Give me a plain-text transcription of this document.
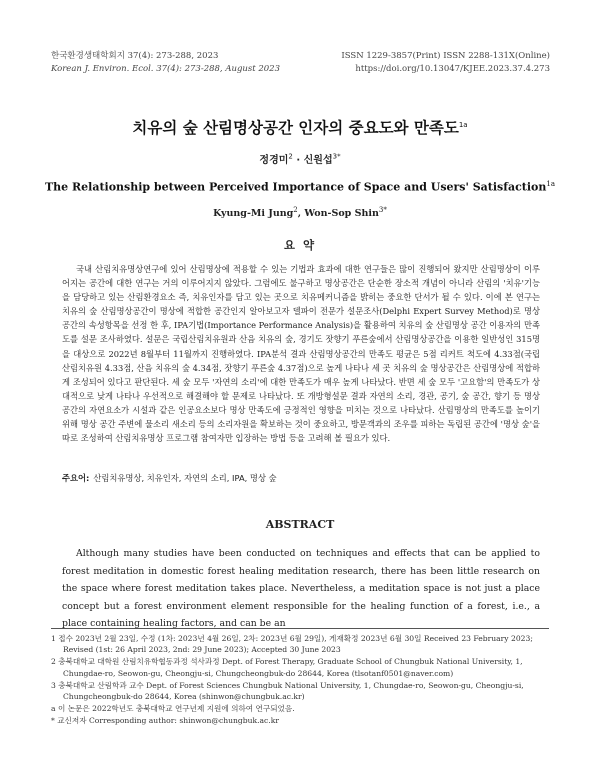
한국환경생태학회지 37(4): 273-288, 2023
Korean J. Environ. Ecol. 37(4): 273-288, August 2023
ISSN 1229-3857(Print) ISSN 2288-131X(Online)
https://doi.org/10.13047/KJEE.2023.37.4.273
치유의 숲 산림명상공간 인자의 중요도와 만족도$^{1a}$
정경미$^2$ · 신원섭$^{3*}$
The Relationship between Perceived Importance of Space and Users' Satisfaction$^{1a}$
Kyung-Mi Jung$^2$, Won-Sop Shin$^{3*}$
요 약
국내 산림치유명상연구에 있어 산림명상에 적용할 수 있는 기법과 효과에 대한 연구들은 많이 진행되어 왔지만 산림명상이 이루어지는 공간에 대한 연구는 거의 이루어지지 않았다. 그럼에도 불구하고 명상공간은 단순한 장소적 개념이 아니라 산림의 '치유'기능을 담당하고 있는 산림환경요소 즉, 치유인자를 담고 있는 곳으로 치유메커니즘을 밝히는 중요한 단서가 될 수 있다. 이에 본 연구는 치유의 숲 산림명상공간이 명상에 적합한 공간인지 알아보고자 델파이 전문가 설문조사(Delphi Expert Survey Method)로 명상공간의 속성항목을 선정 한 후, IPA기법(Importance Performance Analysis)을 활용하여 치유의 숲 산림명상 공간 이용자의 만족도를 설문 조사하였다. 설문은 국립산림치유원과 산음 치유의 숲, 경기도 잣향기 푸른숲에서 산림명상공간을 이용한 일반성인 315명을 대상으로 2022년 8월부터 11월까지 진행하였다. IPA분석 결과 산림명상공간의 만족도 평균은 5점 리커트 척도에 4.33점(국립산림치유원 4.33점, 산음 치유의 숲 4.34점, 잣향기 푸른숲 4.37점)으로 높게 나타나 세 곳 치유의 숲 명상공간은 산림명상에 적합하게 조성되어 있다고 판단된다. 세 숲 모두 '자연의 소리'에 대한 만족도가 매우 높게 나타났다. 반면 세 숲 모두 '고요함'의 만족도가 상대적으로 낮게 나타나 우선적으로 해결해야 할 문제로 나타났다. 또 개방형설문 결과 자연의 소리, 경관, 공기, 숲 공간, 향기 등 명상공간의 자연요소가 시설과 같은 인공요소보다 명상 만족도에 긍정적인 영향을 미치는 것으로 나타났다. 산림명상의 만족도를 높이기 위해 명상 공간 주변에 물소리 새소리 등의 소리자원을 확보하는 것이 중요하고, 방문객과의 조우를 피하는 독립된 공간에 '명상 숲'을 따로 조성하여 산림치유명상 프로그램 참여자만 입장하는 방법 등을 고려해 볼 필요가 있다.
주요어: 산림치유명상, 치유인자, 자연의 소리, IPA, 명상 숲
ABSTRACT
Although many studies have been conducted on techniques and effects that can be applied to forest meditation in domestic forest healing meditation research, there has been little research on the space where forest meditation takes place. Nevertheless, a meditation space is not just a place concept but a forest environment element responsible for the healing function of a forest, i.e., a place containing healing factors, and can be an

1 접수 2023년 2월 23일, 수정 (1차: 2023년 4월 26일, 2차: 2023년 6월 29일), 게재확정 2023년 6월 30일 Received 23 February 2023; Revised (1st: 26 April 2023, 2nd: 29 June 2023); Accepted 30 June 2023

2 충북대학교 대학원 산림치유학협동과정 석사과정 Dept. of Forest Therapy, Graduate School of Chungbuk National University, 1, Chungdae-ro, Seowon-gu, Cheongju-si, Chungcheongbuk-do 28644, Korea (tlsotanf0501@naver.com)

3 충북대학교 산림학과 교수 Dept. of Forest Sciences Chungbuk National University, 1, Chungdae-ro, Seowon-gu, Cheongju-si, Chungcheongbuk-do 28644, Korea (shinwon@chungbuk.ac.kr)

a 이 논문은 2022학년도 충북대학교 연구년제 지원에 의하여 연구되었음.

* 교신저자 Corresponding author: shinwon@chungbuk.ac.kr
